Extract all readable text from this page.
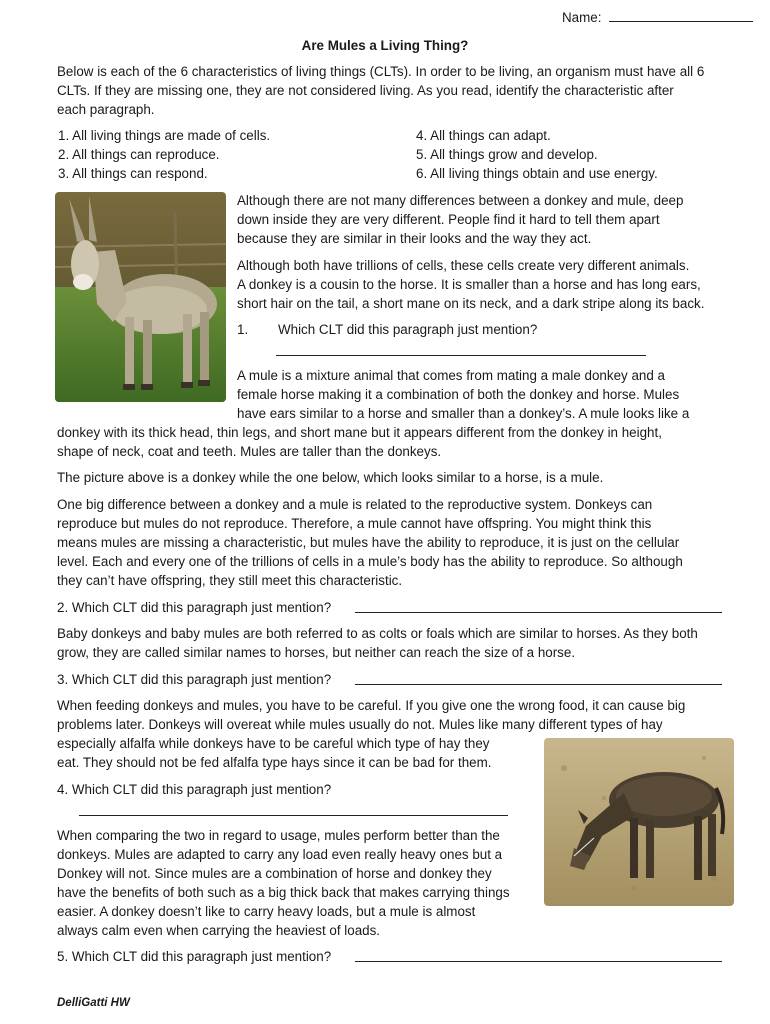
Name:
Are Mules a Living Thing?
Below is each of the 6 characteristics of living things (CLTs). In order to be living, an organism must have all 6
CLTs. If they are missing one, they are not considered living. As you read, identify the characteristic after
each paragraph.
1. All living things are made of cells.
2. All things can reproduce.
3. All things can respond.
4. All things can adapt.
5. All things grow and develop.
6. All living things obtain and use energy.
Although there are not many differences between a donkey and mule, deep
down inside they are very different. People find it hard to tell them apart
because they are similar in their looks and the way they act.
Although both have trillions of cells, these cells create very different animals.
A donkey is a cousin to the horse. It is smaller than a horse and has long ears,
short hair on the tail, a short mane on its neck, and a dark stripe along its back.
1. Which CLT did this paragraph just mention?
A mule is a mixture animal that comes from mating a male donkey and a
female horse making it a combination of both the donkey and horse. Mules
have ears similar to a horse and smaller than a donkey’s. A mule looks like a
donkey with its thick head, thin legs, and short mane but it appears different from the donkey in height,
shape of neck, coat and teeth. Mules are taller than the donkeys.
The picture above is a donkey while the one below, which looks similar to a horse, is a mule.
One big difference between a donkey and a mule is related to the reproductive system. Donkeys can
reproduce but mules do not reproduce. Therefore, a mule cannot have offspring. You might think this
means mules are missing a characteristic, but mules have the ability to reproduce, it is just on the cellular
level. Each and every one of the trillions of cells in a mule’s body has the ability to reproduce. So although
they can’t have offspring, they still meet this characteristic.
2. Which CLT did this paragraph just mention?
Baby donkeys and baby mules are both referred to as colts or foals which are similar to horses. As they both
grow, they are called similar names to horses, but neither can reach the size of a horse.
3. Which CLT did this paragraph just mention?
When feeding donkeys and mules, you have to be careful. If you give one the wrong food, it can cause big
problems later. Donkeys will overeat while mules usually do not. Mules like many different types of hay
especially alfalfa while donkeys have to be careful which type of hay they
eat. They should not be fed alfalfa type hays since it can be bad for them.
4. Which CLT did this paragraph just mention?
When comparing the two in regard to usage, mules perform better than the
donkeys. Mules are adapted to carry any load even really heavy ones but a
Donkey will not. Since mules are a combination of horse and donkey they
have the benefits of both such as a big thick back that makes carrying things
easier. A donkey doesn’t like to carry heavy loads, but a mule is almost
always calm even when carrying the heaviest of loads.
5. Which CLT did this paragraph just mention?
DelliGatti HW
